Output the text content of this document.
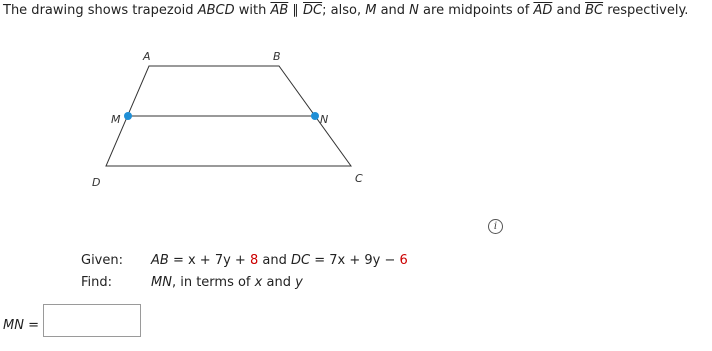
The drawing shows trapezoid ABCD with $\overline{AB}$ ∥ $\overline{DC}$; also, M and N are midpoints of $\overline{AD}$ and $\overline{BC}$ respectively.
A	B
C
D
M	N
i
Given: AB = x + 7y + 8 and DC = 7x + 9y − 6
Find:	MN, in terms of x and y
MN =
